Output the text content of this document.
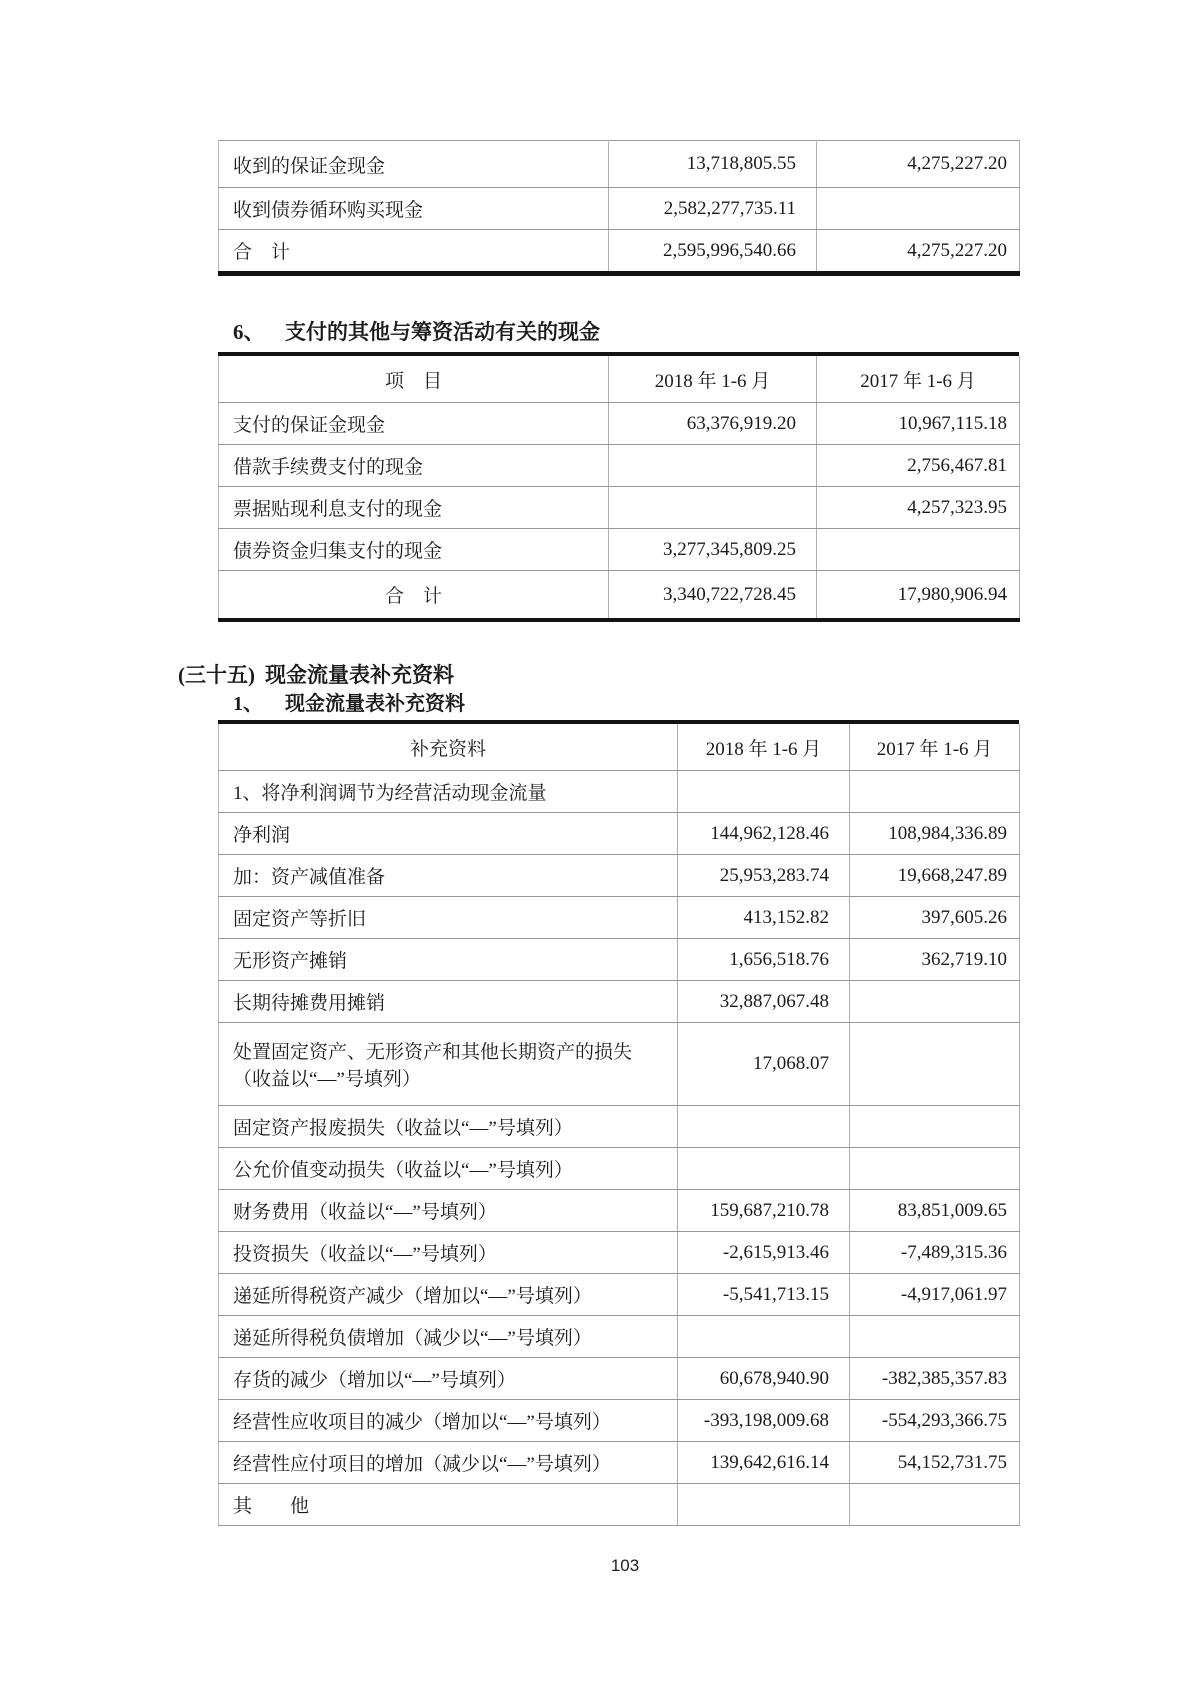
收到的保证金现金	13,718,805.55	4,275,227.20
收到债券循环购买现金	2,582,277,735.11	
合　计	2,595,996,540.66	4,275,227.20
6、 支付的其他与筹资活动有关的现金
项　目	2018 年 1-6 月	2017 年 1-6 月
支付的保证金现金	63,376,919.20	10,967,115.18
借款手续费支付的现金		2,756,467.81
票据贴现利息支付的现金		4,257,323.95
债券资金归集支付的现金	3,277,345,809.25	
合　计	3,340,722,728.45	17,980,906.94
(三十五) 现金流量表补充资料
1、 现金流量表补充资料
补充资料	2018 年 1-6 月	2017 年 1-6 月
1、将净利润调节为经营活动现金流量		
净利润	144,962,128.46	108,984,336.89
加：资产减值准备	25,953,283.74	19,668,247.89
固定资产等折旧	413,152.82	397,605.26
无形资产摊销	1,656,518.76	362,719.10
长期待摊费用摊销	32,887,067.48	

处置固定资产、无形资产和其他长期资产的损失
（收益以“—”号填列）	17,068.07	
固定资产报废损失（收益以“—”号填列）		
公允价值变动损失（收益以“—”号填列）		
财务费用（收益以“—”号填列）	159,687,210.78	83,851,009.65
投资损失（收益以“—”号填列）	-2,615,913.46	-7,489,315.36
递延所得税资产减少（增加以“—”号填列）	-5,541,713.15	-4,917,061.97
递延所得税负债增加（减少以“—”号填列）		
存货的减少（增加以“—”号填列）	60,678,940.90	-382,385,357.83
经营性应收项目的减少（增加以“—”号填列）	-393,198,009.68	-554,293,366.75
经营性应付项目的增加（减少以“—”号填列）	139,642,616.14	54,152,731.75
其　　他		
103
